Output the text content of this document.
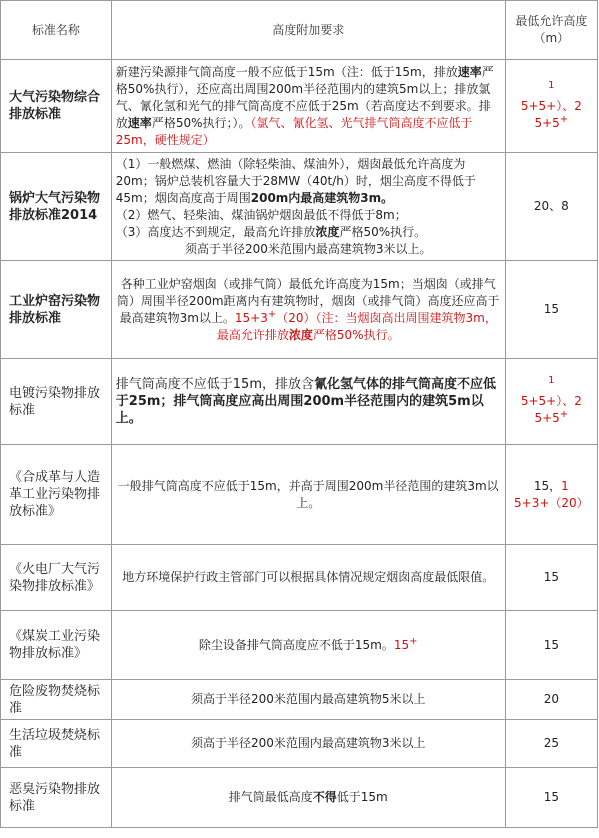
标准名称	高度附加要求	最低允许高度（m）
大气污染物综合排放标准	新建污染源排气筒高度一般不应低于15m（注：低于15m，排放速率严格50%执行），还应高出周围200m半径范围内的建筑5m以上；排放氯气、氰化氢和光气的排气筒高度不应低于25m（若高度达不到要求。排放速率严格50%执行；）。（氯气、氰化氢、光气排气筒高度不应低于25m，硬性规定）	$^1$
5+5+）、2
5+5+
锅炉大气污染物排放标准2014	（1）一般燃煤、燃油（除轻柴油、煤油外），烟囱最低允许高度为20m；锅炉总装机容量大于28MW（40t/h）时，烟尘高度不得低于45m；烟囱高度高于周围200m内最高建筑物3m。
（2）燃气、轻柴油、煤油锅炉烟囱最低不得低于8m；
（3）高度达不到规定，最高允许排放浓度严格50%执行。

须高于半径200米范围内最高建筑物3米以上。	20、8
工业炉窑污染物排放标准	各种工业炉窑烟囱（或排气筒）最低允许高度为15m；当烟囱（或排气筒）周围半径200m距离内有建筑物时，烟囱（或排气筒）高度还应高于最高建筑物3m以上。15+3+（20）（注：当烟囱高出周围建筑物3m，最高允许排放浓度严格50%执行。	15
电镀污染物排放标准	排气筒高度不应低于15m，排放含氰化氢气体的排气筒高度不应低于25m；排气筒高度应高出周围200m半径范围内的建筑5m以上。	$^1$
5+5+）、2
5+5+
《合成革与人造革工业污染物排放标准》	一般排气筒高度不应低于15m，并高于周围200m半径范围的建筑3m以上。	15，1
5+3+（20）
《火电厂大气污染物排放标准》	地方环境保护行政主管部门可以根据具体情况规定烟囱高度最低限值。	15
《煤炭工业污染物排放标准》	除尘设备排气筒高度应不低于15m。15+	15
危险废物焚烧标准	须高于半径200米范围内最高建筑物5米以上	20
生活垃圾焚烧标准	须高于半径200米范围内最高建筑物3米以上	25
恶臭污染物排放标准	排气筒最低高度不得低于15m	15
